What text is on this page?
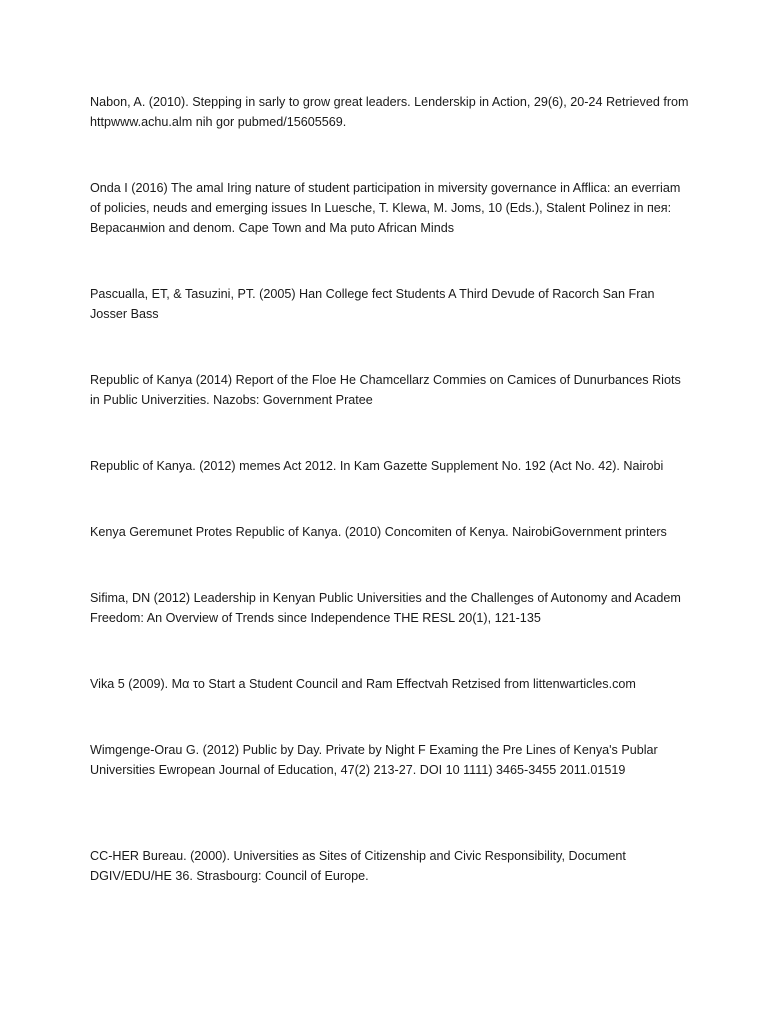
Nabon, A. (2010). Stepping in sarly to grow great leaders. Lenderskip in Action, 29(6), 20-24 Retrieved from httpwww.achu.alm nih gor pubmed/15605569.
Onda I (2016) The amal Iring nature of student participation in miversity governance in Afflica: an everriam of policies, neuds and emerging issues In Luesche, T. Klewa, M. Joms, 10 (Eds.), Stalent Polinez in пeя: Вepacaнмion and denom. Cape Town and Ma puto African Minds
Pascualla, ET, & Tasuzini, PT. (2005) Han College fect Students A Third Devude of Racorch San Fran Josser Bass
Republic of Kanya (2014) Report of the Floe He Chamcellarz Commies on Camices of Dunurbances Riots in Public Univerzities. Nazobs: Government Pratee
Republic of Kanya. (2012) memes Act 2012. In Kam Gazette Supplement No. 192 (Act No. 42). Nairobi
Kenya Geremunet Protes Republic of Kanya. (2010) Concomiten of Kenya. NairobiGovernment printers
Sifima, DN (2012) Leadership in Kenyan Public Universities and the Challenges of Autonomy and Academ Freedom: An Overview of Trends since Independence THE RESL 20(1), 121-135
Vika 5 (2009). Mα τo Start a Student Council and Ram Effectvah Retzised from littenwarticles.com
Wimgenge-Orau G. (2012) Public by Day. Private by Night F Examing the Pre Lines of Kenya's Publar Universities Ewropean Journal of Education, 47(2) 213-27. DOI 10 1111) 3465-3455 2011.01519
CC-HER Bureau. (2000). Universities as Sites of Citizenship and Civic Responsibility, Document DGIV/EDU/HE 36. Strasbourg: Council of Europe.
